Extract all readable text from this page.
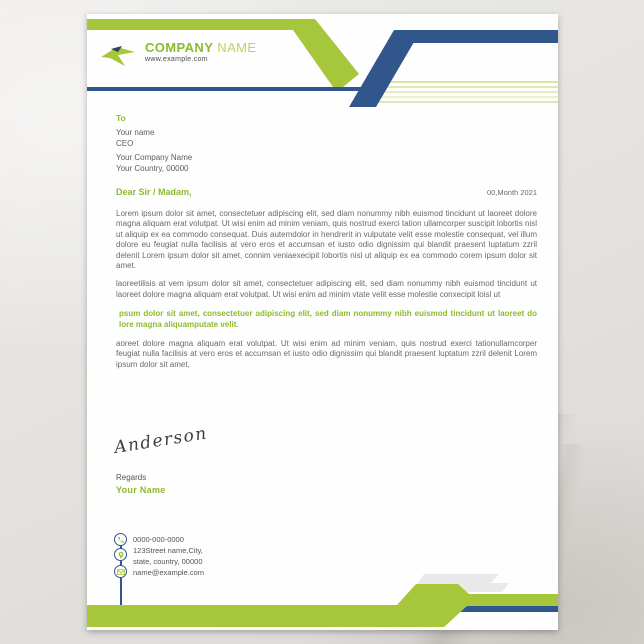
COMPANY NAME
www.example.com
To
Your name
CEO
Your Company Name
Your Country, 00000
Dear Sir / Madam,	00,Month 2021

Lorem ipsum dolor sit amet, consectetuer adipiscing elit, sed diam nonummy nibh euismod tincidunt ut laoreet dolore magna aliquam erat volutpat. Ut wisi enim ad minim veniam, quis nostrud exerci tation ullamcorper suscipit lobortis nisl ut aliquip ex ea commodo consequat. Duis autemdolor in hendrerit in vulputate velit esse molestie consequat, vel illum dolore eu feugiat nulla facilisis at vero eros et accumsan et iusto odio dignissim qui blandit praesent luptatum zzril delenit Lorem ipsum dolor sit amet, connim veniaexecipit lobortis nisl ut aliquip ex ea commodo corem ipsum dolor sit amet.

laoreetilisis at vem ipsum dolor sit amet, consectetuer adipiscing elit, sed diam nonummy nibh euismod tincidunt ut laoreet dolore magna aliquam erat volutpat. Ut wisi enim ad minim vtate velit esse molestie conxecipit loisl ut

psum dolor sit amet, consectetuer adipiscing elit, sed diam nonummy nibh euismod tincidunt ut laoreet do lore magna aliquamputate velit.

aoreet dolore magna aliquam erat volutpat. Ut wisi enim ad minim veniam, quis nostrud exerci tationullamcorper feugiat nulla facilisis at vero eros et accumsan et iusto odio dignissim qui blandit praesent luptatum zzril delenit Lorem ipsum dolor sit amet,

Anderson
Regards
Your Name
0000-000-0000
123Street name,City,
state, country, 00000
name@example.com
